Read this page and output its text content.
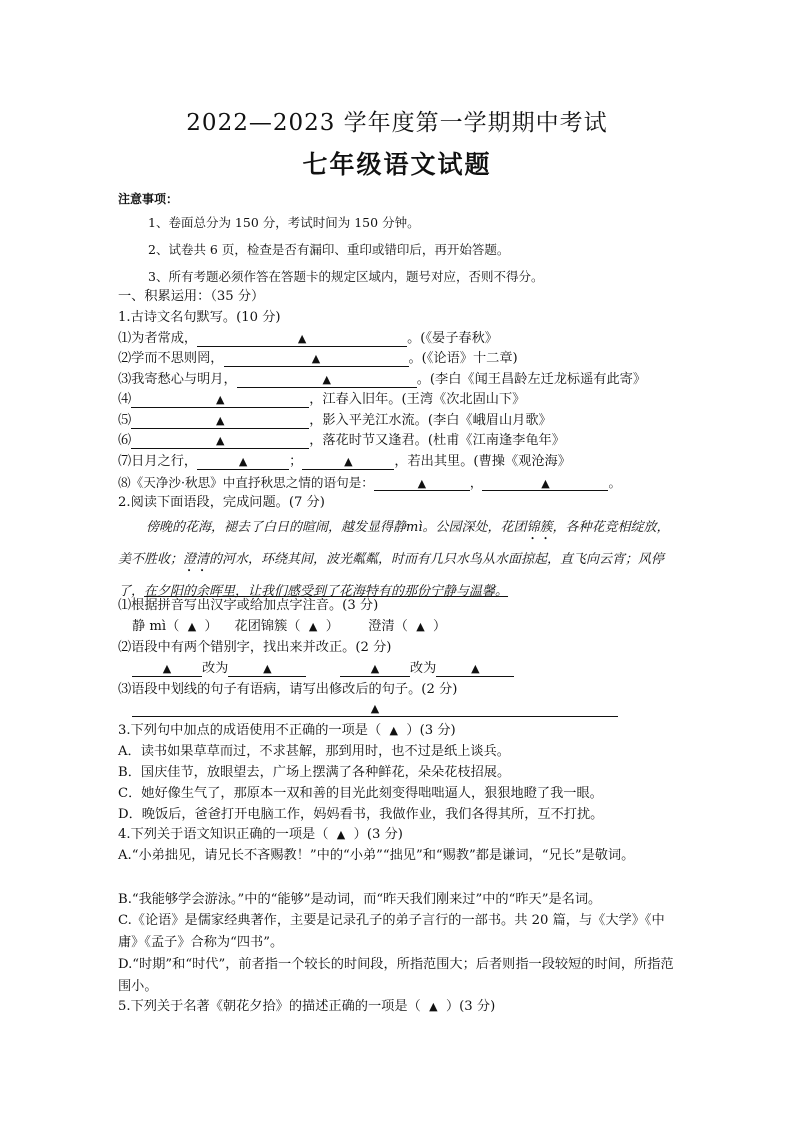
2022—2023 学年度第一学期期中考试
七年级语文试题
注意事项：
1、卷面总分为 150 分，考试时间为 150 分钟。
2、试卷共 6 页，检查是否有漏印、重印或错印后，再开始答题。
3、所有考题必须作答在答题卡的规定区域内，题号对应，否则不得分。
一、积累运用：（35 分）
1.古诗文名句默写。(10 分)
⑴为者常成，	▲	。(《晏子春秋》
⑵学而不思则罔，	▲	。(《论语》十二章)
⑶我寄愁心与明月，	▲	。(李白《闻王昌龄左迁龙标遥有此寄》
⑷	▲	，江春入旧年。(王湾《次北固山下》
⑸	▲	，影入平羌江水流。(李白《峨眉山月歌》
⑹	▲	，落花时节又逢君。(杜甫《江南逢李龟年》
⑺日月之行，	▲	；	▲	，若出其里。(曹操《观沧海》
⑻《天净沙·秋思》中直抒秋思之情的语句是：	▲	，	▲	。
2.阅读下面语段，完成问题。(7 分)
傍晚的花海，褪去了白日的暄闹，越发显得静mì。公园深处，花团锦簇，各种花竞相绽放，美不胜收；澄清的河水，环绕其间，波光粼粼，时而有几只水鸟从水面掠起，直飞向云宵；风停了，在夕阳的余晖里，让我们感受到了花海特有的那份宁静与温馨。
⑴根据拼音写出汉字或给加点字注音。(3 分)
静 mì（ ▲ ） 花团锦簇（ ▲ ） 澄清（ ▲ ）
⑵语段中有两个错别字，找出来并改正。(2 分)
▲ 改为	▲	▲ 改为	▲
⑶语段中划线的句子有语病，请写出修改后的句子。(2 分)
▲
3.下列句中加点的成语使用不正确的一项是（ ▲ ）(3 分)
A．读书如果草草而过，不求甚解，那到用时，也不过是纸上谈兵。
B．国庆佳节，放眼望去，广场上摆满了各种鲜花，朵朵花枝招展。
C．她好像生气了，那原本一双和善的目光此刻变得咄咄逼人，狠狠地瞪了我一眼。
D．晚饭后，爸爸打开电脑工作，妈妈看书，我做作业，我们各得其所，互不打扰。
4.下列关于语文知识正确的一项是（ ▲ ）(3 分)
A.“小弟拙见，请兄长不吝赐教！”中的“小弟”“拙见”和“赐教”都是谦词，“兄长”是敬词。
B.“我能够学会游泳。”中的“能够”是动词，而“昨天我们刚来过”中的“昨天”是名词。
C.《论语》是儒家经典著作，主要是记录孔子的弟子言行的一部书。共 20 篇，与《大学》《中庸》《孟子》合称为“四书”。
D.“时期”和“时代”，前者指一个较长的时间段，所指范围大；后者则指一段较短的时间，所指范围小。
5.下列关于名著《朝花夕拾》的描述正确的一项是（ ▲ ）(3 分)
